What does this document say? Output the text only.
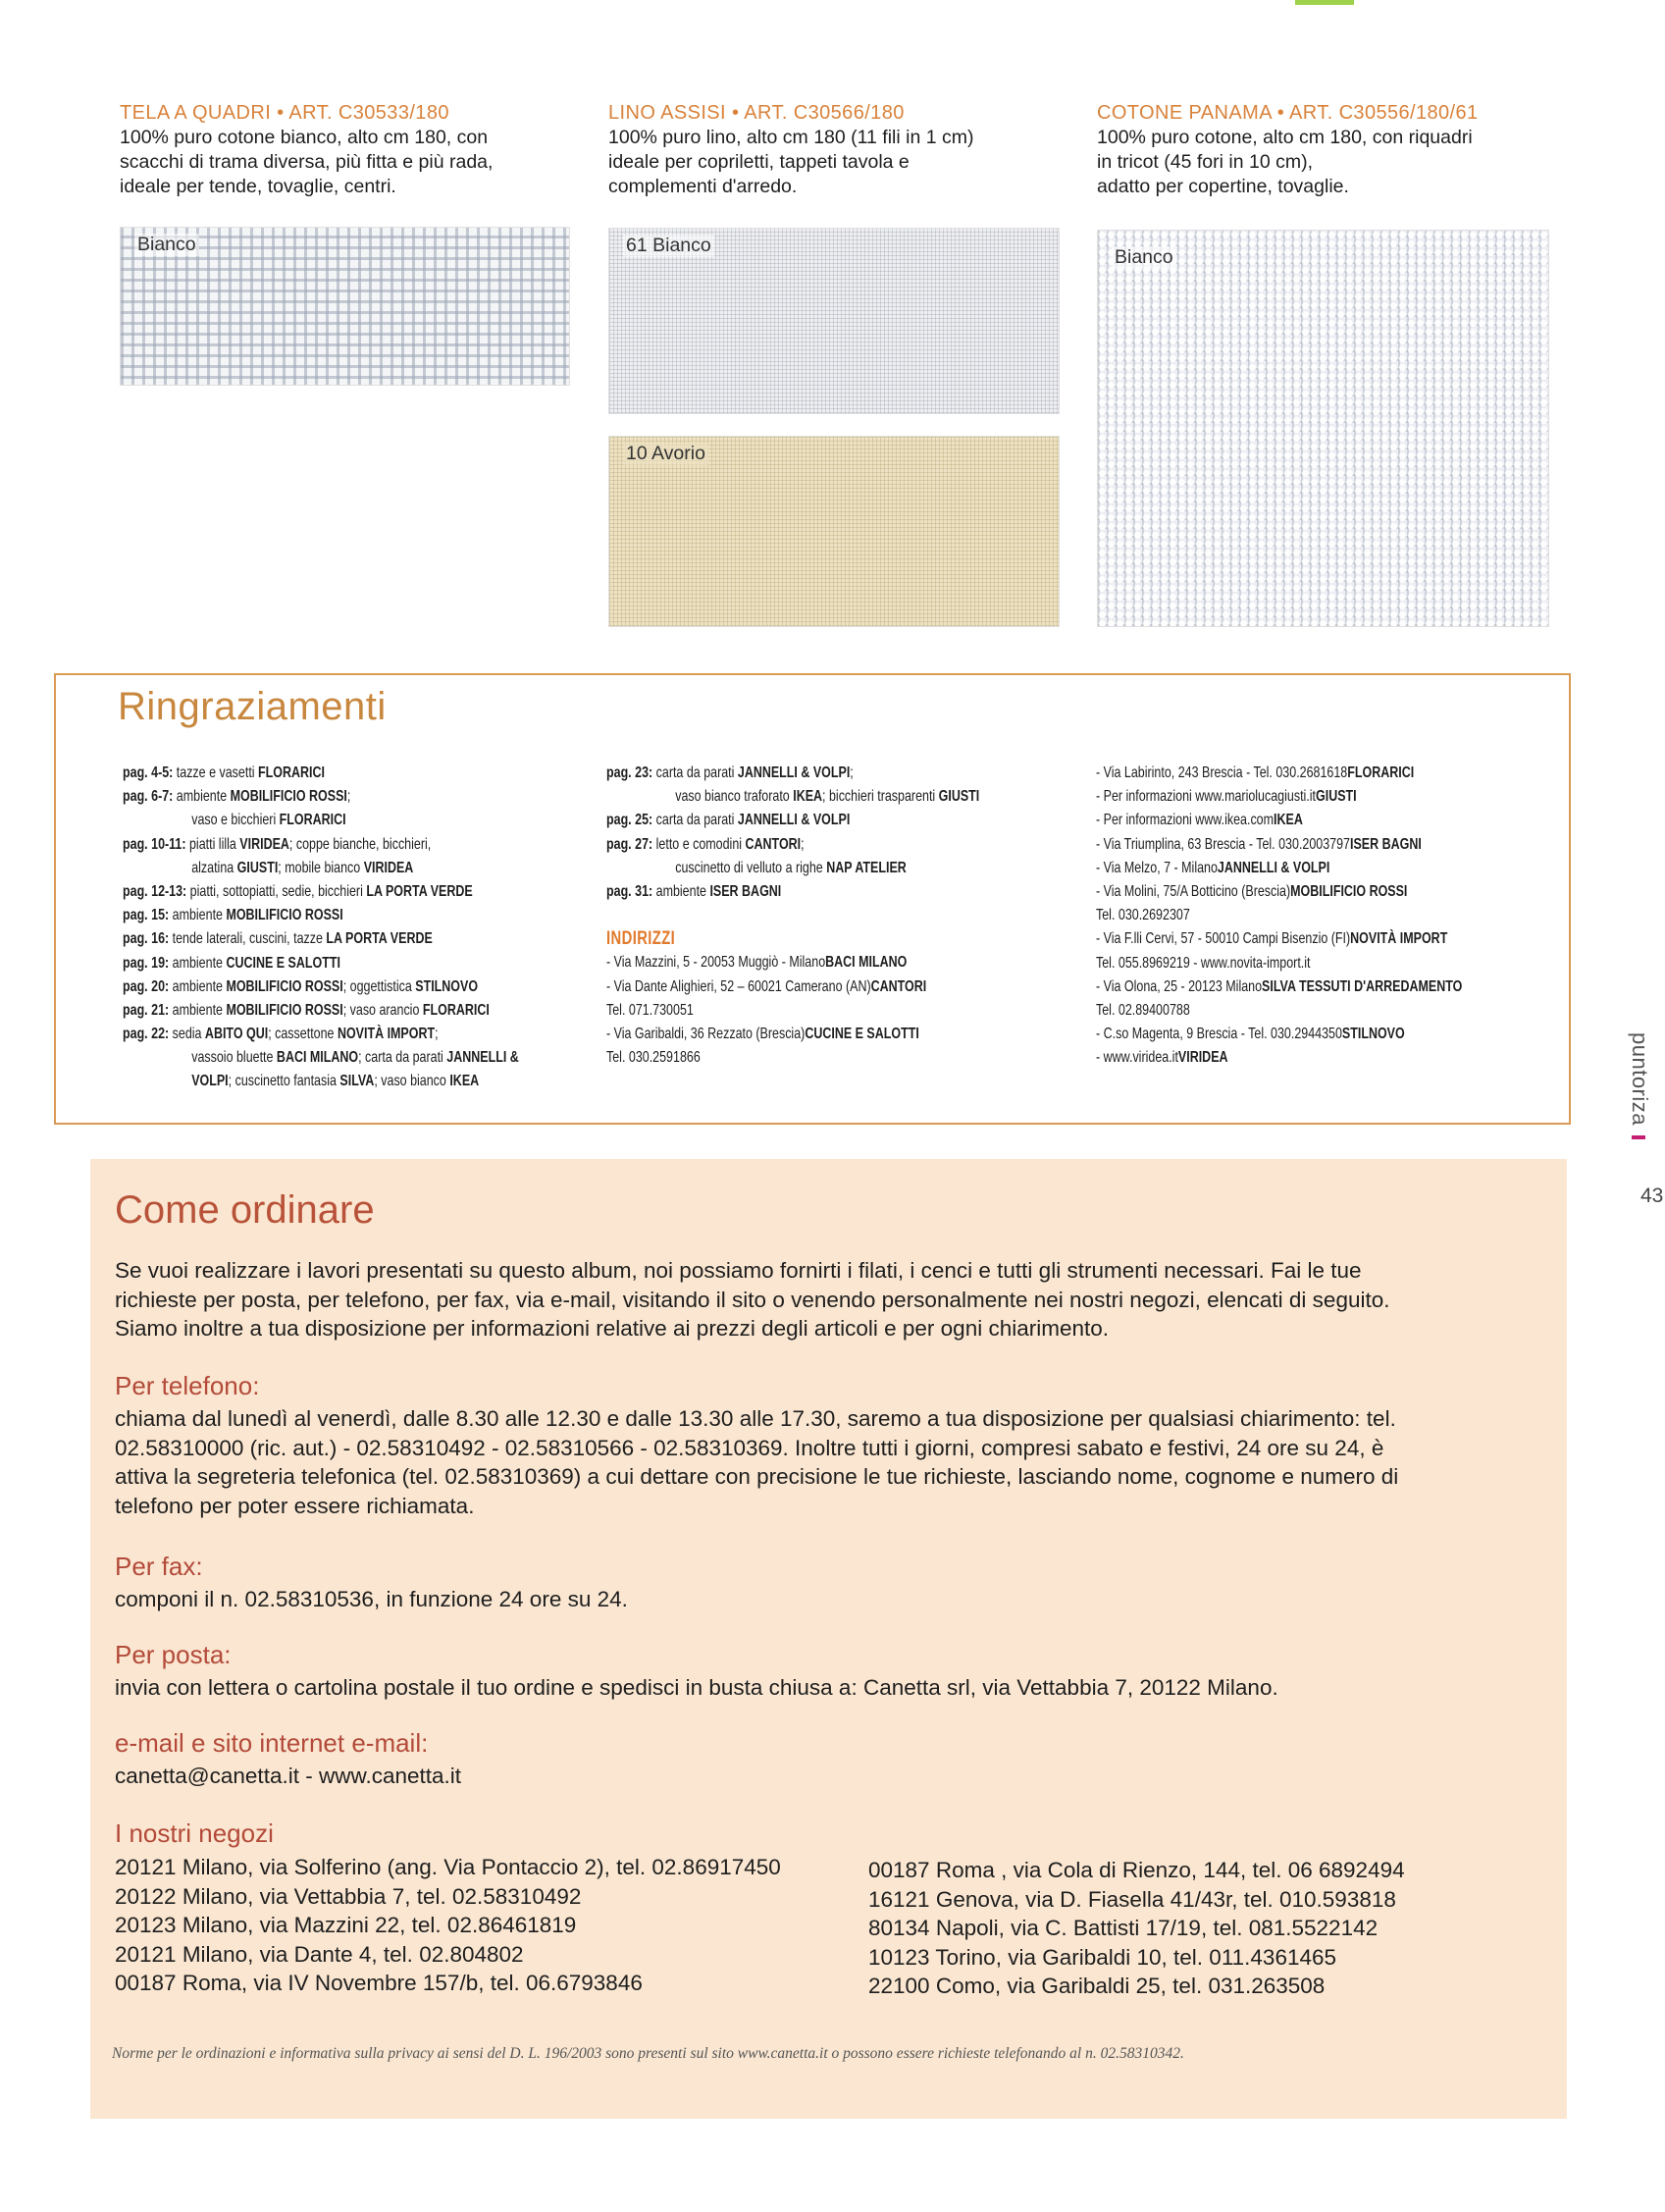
TELA A QUADRI • ART. C30533/180
100% puro cotone bianco, alto cm 180, con
scacchi di trama diversa, più fitta e più rada,
ideale per tende, tovaglie, centri.
Bianco
LINO ASSISI • ART. C30566/180
100% puro lino, alto cm 180 (11 fili in 1 cm)
ideale per copriletti, tappeti tavola e
complementi d'arredo.
61 Bianco
10 Avorio
COTONE PANAMA • ART. C30556/180/61
100% puro cotone, alto cm 180, con riquadri
in tricot (45 fori in 10 cm),
adatto per copertine, tovaglie.
Bianco
Ringraziamenti
pag. 4-5: tazze e vasetti FLORARICI
pag. 6-7: ambiente MOBILIFICIO ROSSI;
vaso e bicchieri FLORARICI
pag. 10-11: piatti lilla VIRIDEA; coppe bianche, bicchieri,
alzatina GIUSTI; mobile bianco VIRIDEA
pag. 12-13: piatti, sottopiatti, sedie, bicchieri LA PORTA VERDE
pag. 15: ambiente MOBILIFICIO ROSSI
pag. 16: tende laterali, cuscini, tazze LA PORTA VERDE
pag. 19: ambiente CUCINE E SALOTTI
pag. 20: ambiente MOBILIFICIO ROSSI; oggettistica STILNOVO
pag. 21: ambiente MOBILIFICIO ROSSI; vaso arancio FLORARICI
pag. 22: sedia ABITO QUI; cassettone NOVITÀ IMPORT;
vassoio bluette BACI MILANO; carta da parati JANNELLI &
VOLPI; cuscinetto fantasia SILVA; vaso bianco IKEA
pag. 23: carta da parati JANNELLI & VOLPI;
vaso bianco traforato IKEA; bicchieri trasparenti GIUSTI
pag. 25: carta da parati JANNELLI & VOLPI
pag. 27: letto e comodini CANTORI;
cuscinetto di velluto a righe NAP ATELIER
pag. 31: ambiente ISER BAGNI
INDIRIZZI
- Via Mazzini, 5 - 20053 Muggiò - MilanoBACI MILANO
- Via Dante Alighieri, 52 – 60021 Camerano (AN)CANTORI
Tel. 071.730051
- Via Garibaldi, 36 Rezzato (Brescia)CUCINE E SALOTTI
Tel. 030.2591866
- Via Labirinto, 243 Brescia - Tel. 030.2681618FLORARICI
- Per informazioni www.mariolucagiusti.itGIUSTI
- Per informazioni www.ikea.comIKEA
- Via Triumplina, 63 Brescia - Tel. 030.2003797ISER BAGNI
- Via Melzo, 7 - MilanoJANNELLI & VOLPI
- Via Molini, 75/A Botticino (Brescia)MOBILIFICIO ROSSI
Tel. 030.2692307
- Via F.lli Cervi, 57 - 50010 Campi Bisenzio (FI)NOVITÀ IMPORT
Tel. 055.8969219 - www.novita-import.it
- Via Olona, 25 - 20123 MilanoSILVA TESSUTI D'ARREDAMENTO
Tel. 02.89400788
- C.so Magenta, 9 Brescia - Tel. 030.2944350STILNOVO
- www.viridea.itVIRIDEA
Come ordinare
Se vuoi realizzare i lavori presentati su questo album, noi possiamo fornirti i filati, i cenci e tutti gli strumenti necessari. Fai le tue
richieste per posta, per telefono, per fax, via e-mail, visitando il sito o venendo personalmente nei nostri negozi, elencati di seguito.
Siamo inoltre a tua disposizione per informazioni relative ai prezzi degli articoli e per ogni chiarimento.
Per telefono:
chiama dal lunedì al venerdì, dalle 8.30 alle 12.30 e dalle 13.30 alle 17.30, saremo a tua disposizione per qualsiasi chiarimento: tel.
02.58310000 (ric. aut.) - 02.58310492 - 02.58310566 - 02.58310369. Inoltre tutti i giorni, compresi sabato e festivi, 24 ore su 24, è
attiva la segreteria telefonica (tel. 02.58310369) a cui dettare con precisione le tue richieste, lasciando nome, cognome e numero di
telefono per poter essere richiamata.
Per fax:
componi il n. 02.58310536, in funzione 24 ore su 24.
Per posta:
invia con lettera o cartolina postale il tuo ordine e spedisci in busta chiusa a: Canetta srl, via Vettabbia 7, 20122 Milano.
e-mail e sito internet e-mail:
canetta@canetta.it - www.canetta.it
I nostri negozi
20121 Milano, via Solferino (ang. Via Pontaccio 2), tel. 02.86917450
20122 Milano, via Vettabbia 7, tel. 02.58310492
20123 Milano, via Mazzini 22, tel. 02.86461819
20121 Milano, via Dante 4, tel. 02.804802
00187 Roma, via IV Novembre 157/b, tel. 06.6793846
00187 Roma , via Cola di Rienzo, 144, tel. 06 6892494
16121 Genova, via D. Fiasella 41/43r, tel. 010.593818
80134 Napoli, via C. Battisti 17/19, tel. 081.5522142
10123 Torino, via Garibaldi 10, tel. 011.4361465
22100 Como, via Garibaldi 25, tel. 031.263508
Norme per le ordinazioni e informativa sulla privacy ai sensi del D. L. 196/2003 sono presenti sul sito www.canetta.it o possono essere richieste telefonando al n. 02.58310342.
puntoriza
43
